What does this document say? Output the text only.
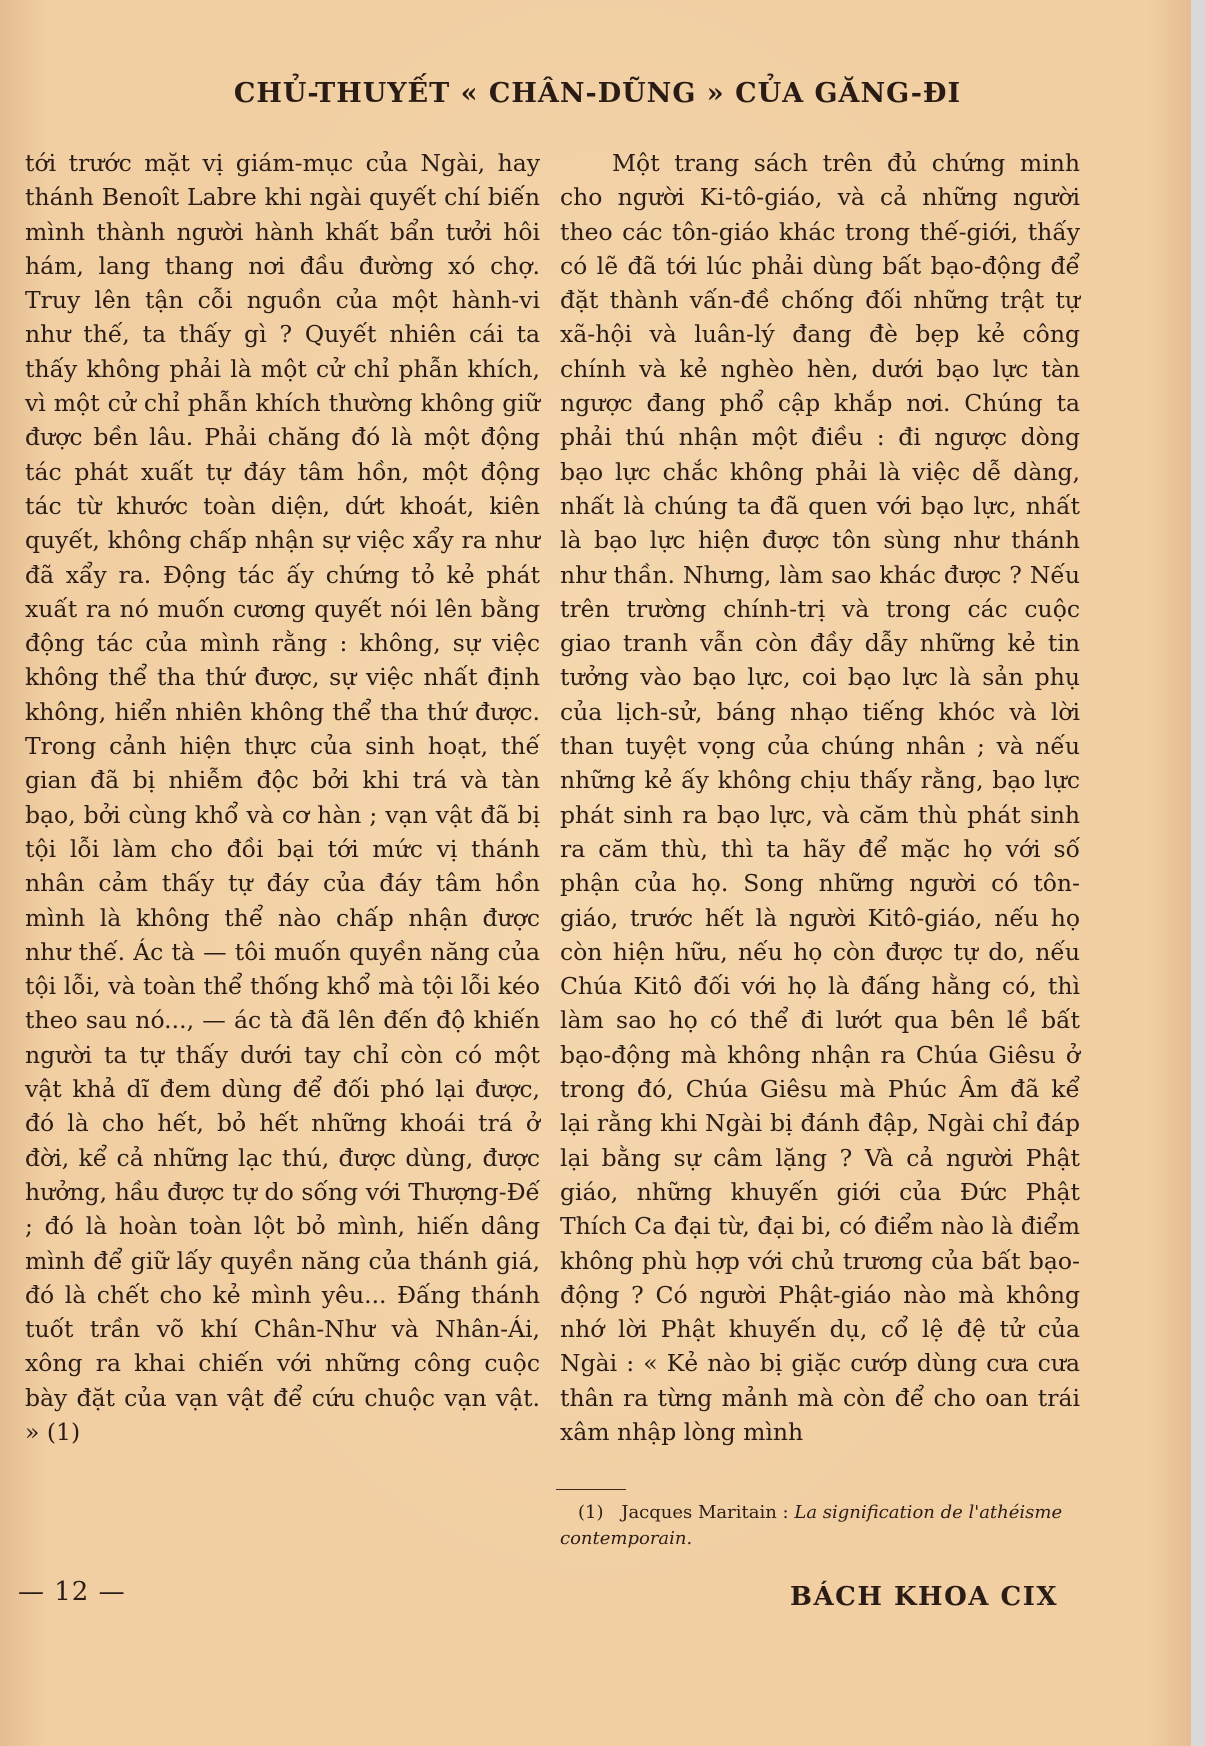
CHỦ-THUYẾT « CHÂN-DŨNG » CỦA GĂNG-ĐI

tới trước mặt vị giám-mục của Ngài, hay thánh Benoît Labre khi ngài quyết chí biến mình thành người hành khất bẩn tưởi hôi hám, lang thang nơi đầu đường xó chợ. Truy lên tận cỗi nguồn của một hành-vi như thế, ta thấy gì ? Quyết nhiên cái ta thấy không phải là một cử chỉ phẫn khích, vì một cử chỉ phẫn khích thường không giữ được bền lâu. Phải chăng đó là một động tác phát xuất tự đáy tâm hồn, một động tác từ khước toàn diện, dứt khoát, kiên quyết, không chấp nhận sự việc xẩy ra như đã xẩy ra. Động tác ấy chứng tỏ kẻ phát xuất ra nó muốn cương quyết nói lên bằng động tác của mình rằng : không, sự việc không thể tha thứ được, sự việc nhất định không, hiển nhiên không thể tha thứ được. Trong cảnh hiện thực của sinh hoạt, thế gian đã bị nhiễm độc bởi khi trá và tàn bạo, bởi cùng khổ và cơ hàn ; vạn vật đã bị tội lỗi làm cho đồi bại tới mức vị thánh nhân cảm thấy tự đáy của đáy tâm hồn mình là không thể nào chấp nhận được như thế. Ác tà — tôi muốn quyền năng của tội lỗi, và toàn thể thống khổ mà tội lỗi kéo theo sau nó..., — ác tà đã lên đến độ khiến người ta tự thấy dưới tay chỉ còn có một vật khả dĩ đem dùng để đối phó lại được, đó là cho hết, bỏ hết những khoái trá ở đời, kể cả những lạc thú, được dùng, được hưởng, hầu được tự do sống với Thượng-Đế ; đó là hoàn toàn lột bỏ mình, hiến dâng mình để giữ lấy quyền năng của thánh giá, đó là chết cho kẻ mình yêu... Đấng thánh tuốt trần võ khí Chân-Như và Nhân-Ái, xông ra khai chiến với những công cuộc bày đặt của vạn vật để cứu chuộc vạn vật. » (1)

Một trang sách trên đủ chứng minh cho người Ki-tô-giáo, và cả những người theo các tôn-giáo khác trong thế-giới, thấy có lẽ đã tới lúc phải dùng bất bạo-động để đặt thành vấn-đề chống đối những trật tự xã-hội và luân-lý đang đè bẹp kẻ công chính và kẻ nghèo hèn, dưới bạo lực tàn ngược đang phổ cập khắp nơi. Chúng ta phải thú nhận một điều : đi ngược dòng bạo lực chắc không phải là việc dễ dàng, nhất là chúng ta đã quen với bạo lực, nhất là bạo lực hiện được tôn sùng như thánh như thần. Nhưng, làm sao khác được ? Nếu trên trường chính-trị và trong các cuộc giao tranh vẫn còn đầy dẫy những kẻ tin tưởng vào bạo lực, coi bạo lực là sản phụ của lịch-sử, báng nhạo tiếng khóc và lời than tuyệt vọng của chúng nhân ; và nếu những kẻ ấy không chịu thấy rằng, bạo lực phát sinh ra bạo lực, và căm thù phát sinh ra căm thù, thì ta hãy để mặc họ với số phận của họ. Song những người có tôn-giáo, trước hết là người Kitô-giáo, nếu họ còn hiện hữu, nếu họ còn được tự do, nếu Chúa Kitô đối với họ là đấng hằng có, thì làm sao họ có thể đi lướt qua bên lề bất bạo-động mà không nhận ra Chúa Giêsu ở trong đó, Chúa Giêsu mà Phúc Âm đã kể lại rằng khi Ngài bị đánh đập, Ngài chỉ đáp lại bằng sự câm lặng ? Và cả người Phật giáo, những khuyến giới của Đức Phật Thích Ca đại từ, đại bi, có điểm nào là điểm không phù hợp với chủ trương của bất bạo-động ? Có người Phật-giáo nào mà không nhớ lời Phật khuyến dụ, cổ lệ đệ tử của Ngài : « Kẻ nào bị giặc cướp dùng cưa cưa thân ra từng mảnh mà còn để cho oan trái xâm nhập lòng mình

(1) Jacques Maritain : La signification de l'athéisme contemporain.
— 12 —	BÁCH KHOA CIX
